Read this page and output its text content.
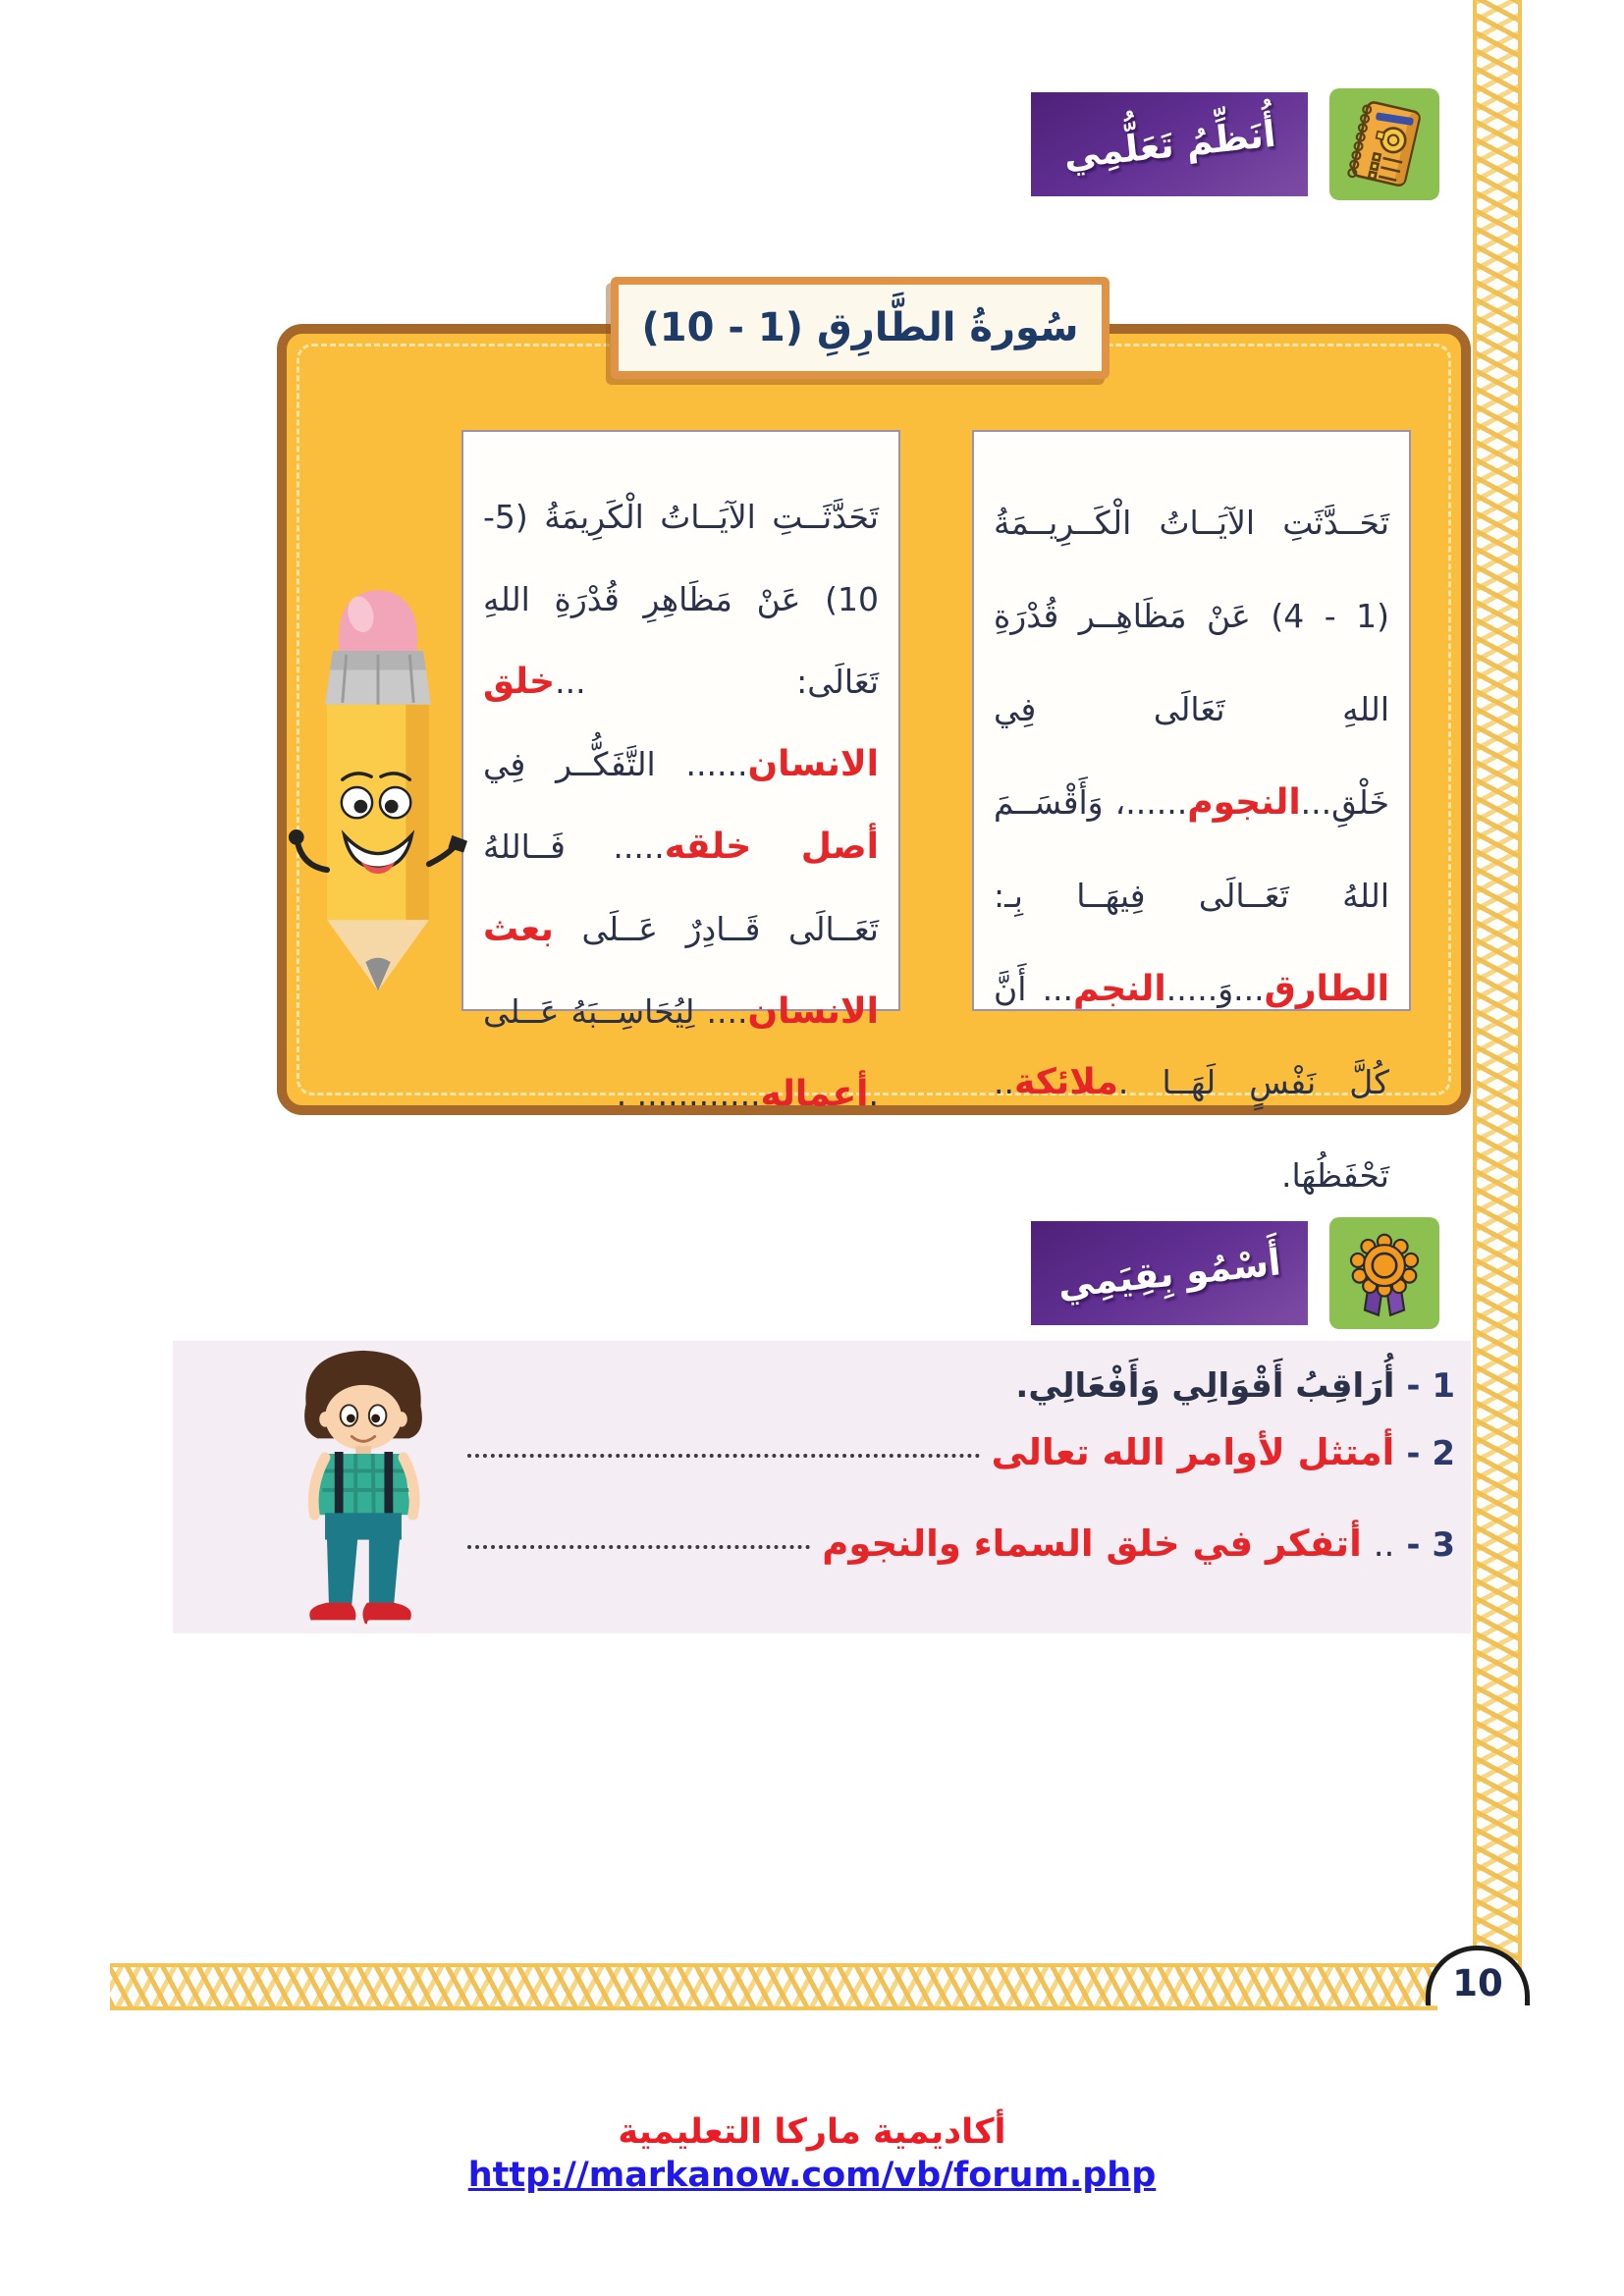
10
أُنَظِّمُ تَعَلُّمِي
سُورةُ الطَّارِقِ (1 - 10)

تَحَــدَّثَتِ الآيَــاتُ الْكَــرِيــمَةُ (1 - 4) عَنْ مَظَاهِــر قُدْرَةِ اللهِ تَعَالَى فِي خَلْقِ...النجوم......، وَأَقْسَــمَ اللهُ تَعَــالَى فِيهَــا بِـ: الطارق...وَ.....النجم... أَنَّ كُلَّ نَفْسٍ لَهَــا .ملائكة.. تَحْفَظُهَا.

تَحَدَّثَــتِ الآيَــاتُ الْكَرِيمَةُ (5-10) عَنْ مَظَاهِرِ قُدْرَةِ اللهِ تَعَالَى: ...خلق الانسان...... التَّفَكُّــر فِي أصل خلقه..... فَــاللهُ تَعَــالَى قَــادِرٌ عَــلَى بعث الانسان.... لِيُحَاسِــبَهُ عَــلى .أعماله............ .

أَسْمُو بِقِيَمِي
1 -
أُرَاقِبُ أَقْوَالِي وَأَفْعَالِي.
2 -
أمتثل لأوامر الله تعالى
3 -
..
أتفكر في خلق السماء والنجوم
أكاديمية ماركا التعليمية
http://markanow.com/vb/forum.php
